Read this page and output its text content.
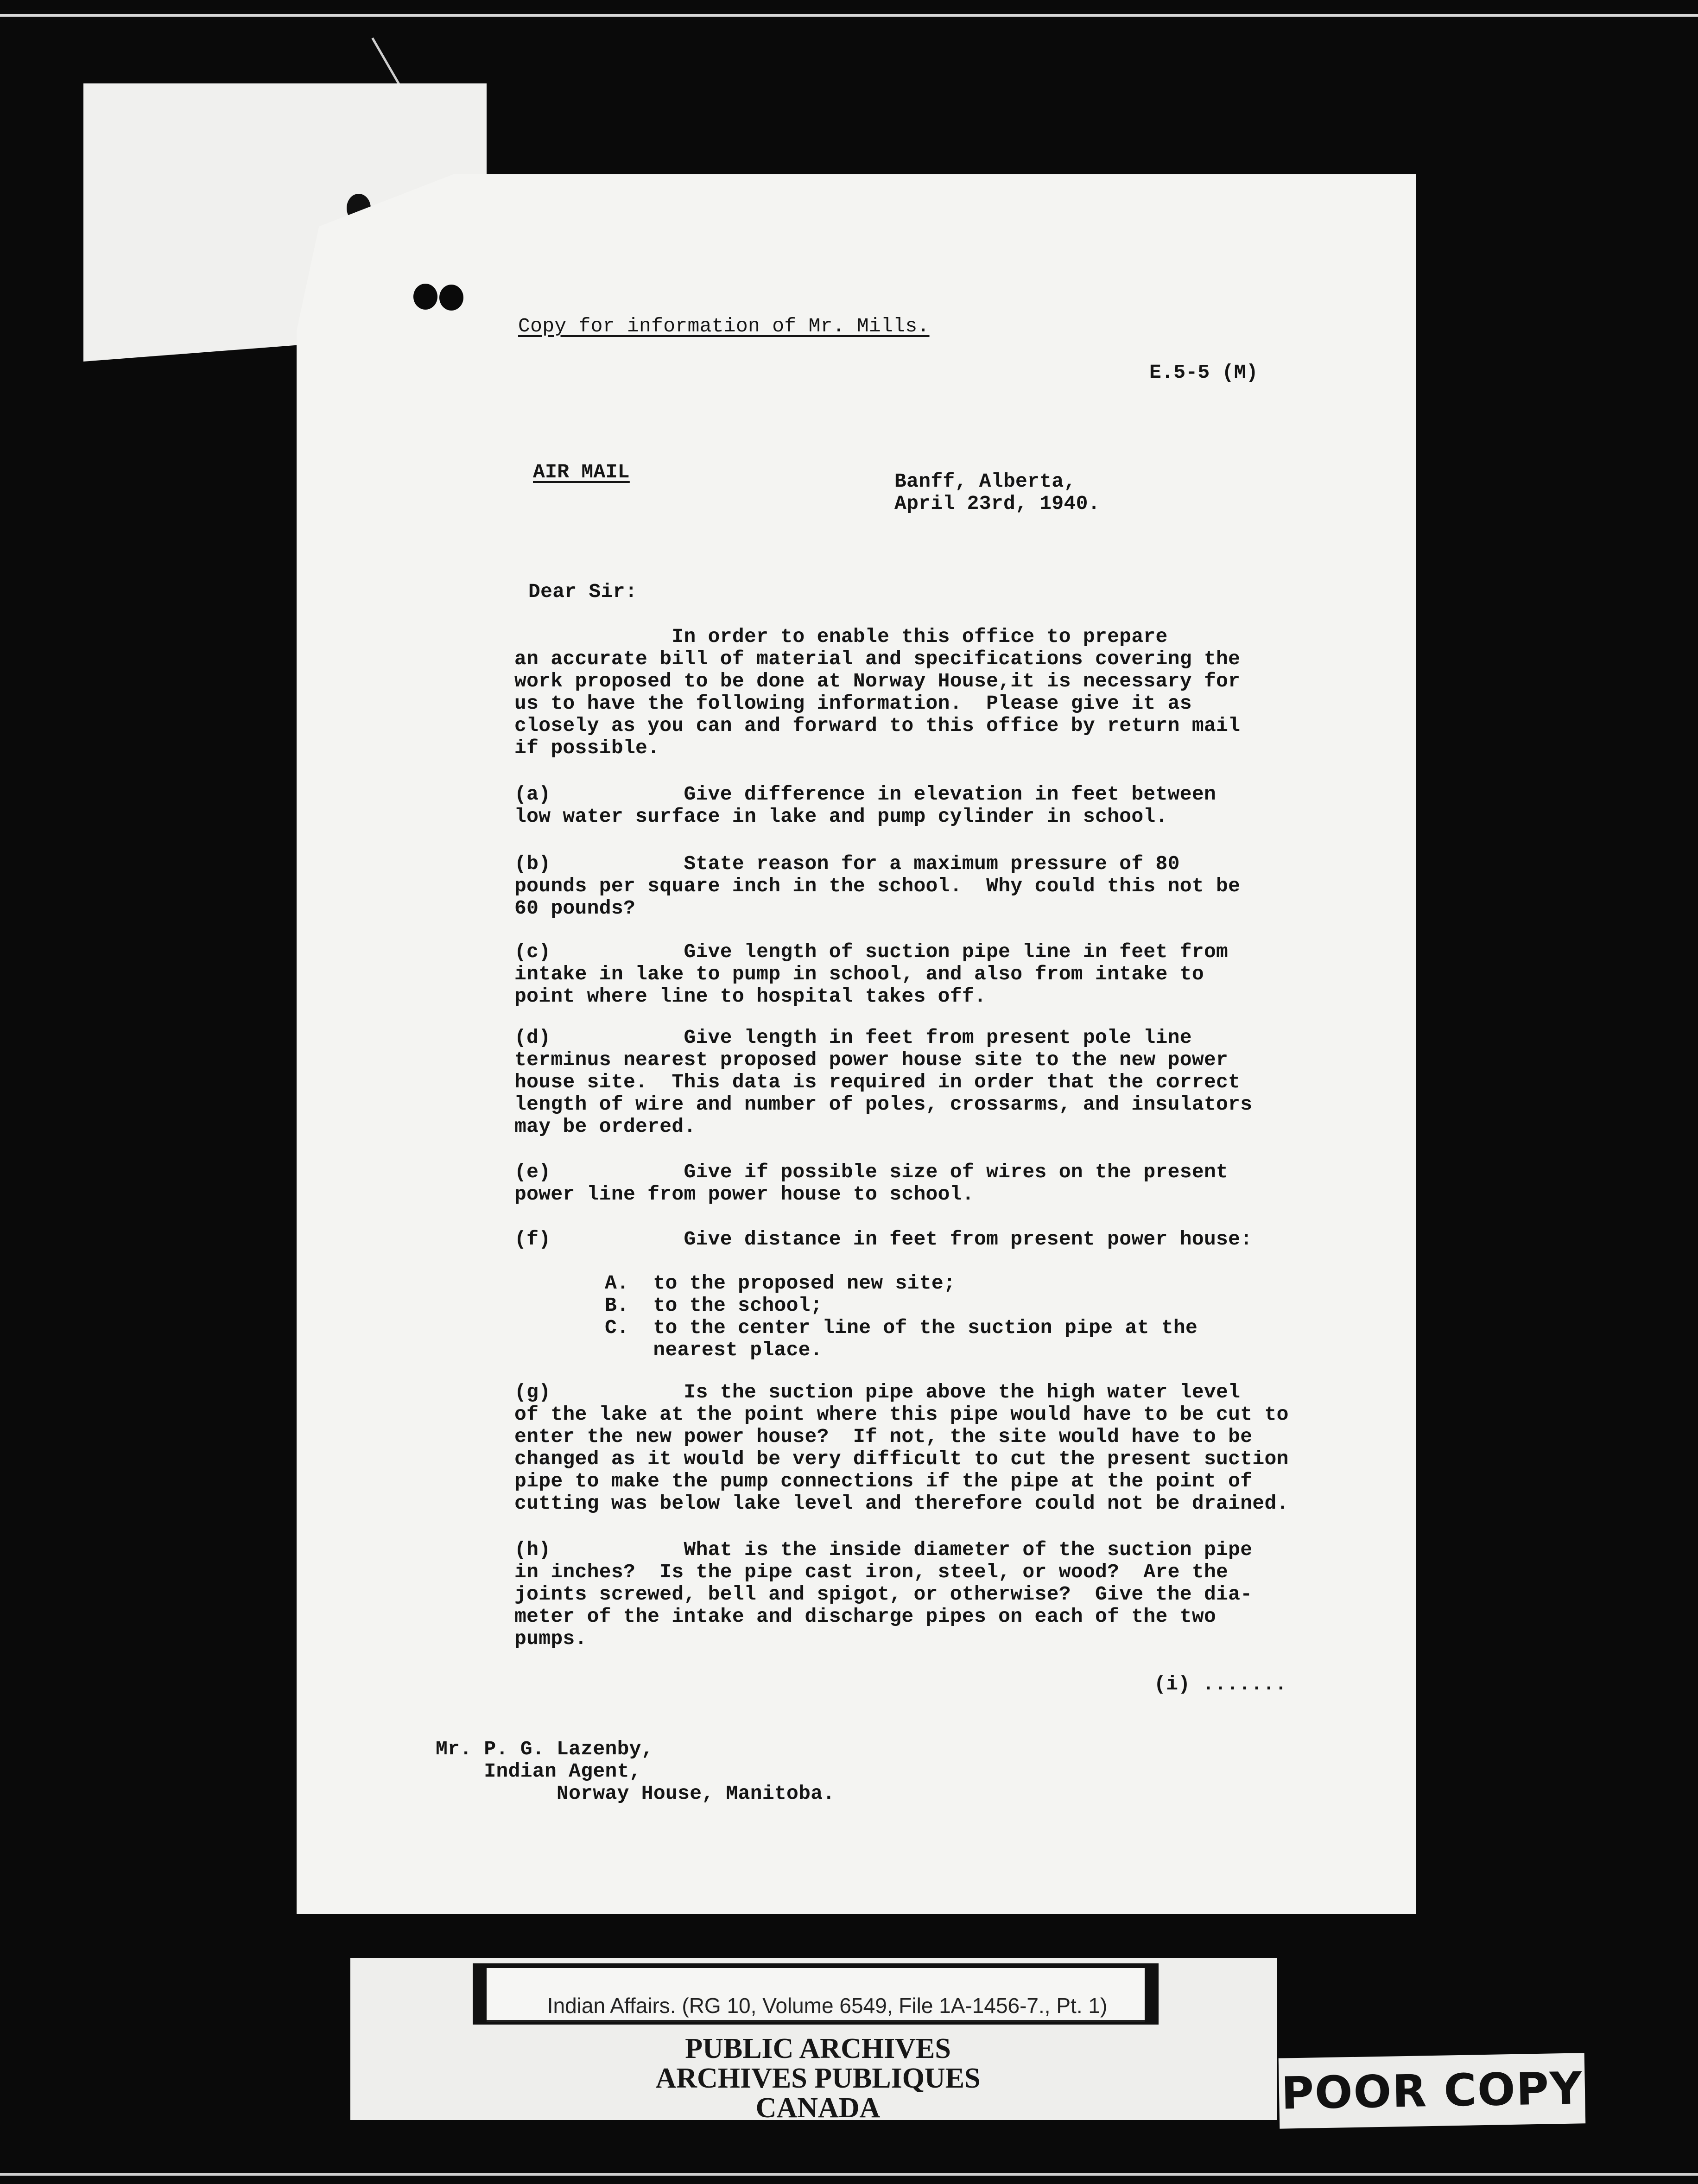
Copy for information of Mr. Mills.
E.5-5 (M)
AIR MAIL	Banff, Alberta,
April 23rd, 1940.
Dear Sir:
In order to enable this office to prepare
an accurate bill of material and specifications covering the
work proposed to be done at Norway House,it is necessary for
us to have the following information.  Please give it as
closely as you can and forward to this office by return mail
if possible.
(a)           Give difference in elevation in feet between
low water surface in lake and pump cylinder in school.
(b)           State reason for a maximum pressure of 80
pounds per square inch in the school.  Why could this not be
60 pounds?
(c)           Give length of suction pipe line in feet from
intake in lake to pump in school, and also from intake to
point where line to hospital takes off.
(d)           Give length in feet from present pole line
terminus nearest proposed power house site to the new power
house site.  This data is required in order that the correct
length of wire and number of poles, crossarms, and insulators
may be ordered.
(e)           Give if possible size of wires on the present
power line from power house to school.
(f)           Give distance in feet from present power house:
A.  to the proposed new site;
B.  to the school;
C.  to the center line of the suction pipe at the
nearest place.
(g)           Is the suction pipe above the high water level
of the lake at the point where this pipe would have to be cut to
enter the new power house?  If not, the site would have to be
changed as it would be very difficult to cut the present suction
pipe to make the pump connections if the pipe at the point of
cutting was below lake level and therefore could not be drained.
(h)           What is the inside diameter of the suction pipe
in inches?  Is the pipe cast iron, steel, or wood?  Are the
joints screwed, bell and spigot, or otherwise?  Give the dia-
meter of the intake and discharge pipes on each of the two
pumps.
(i) .......
Mr. P. G. Lazenby,
Indian Agent,
Norway House, Manitoba.
Indian Affairs. (RG 10, Volume 6549, File 1A-1456-7., Pt. 1)
PUBLIC ARCHIVES
ARCHIVES PUBLIQUES
CANADA	POOR COPY
